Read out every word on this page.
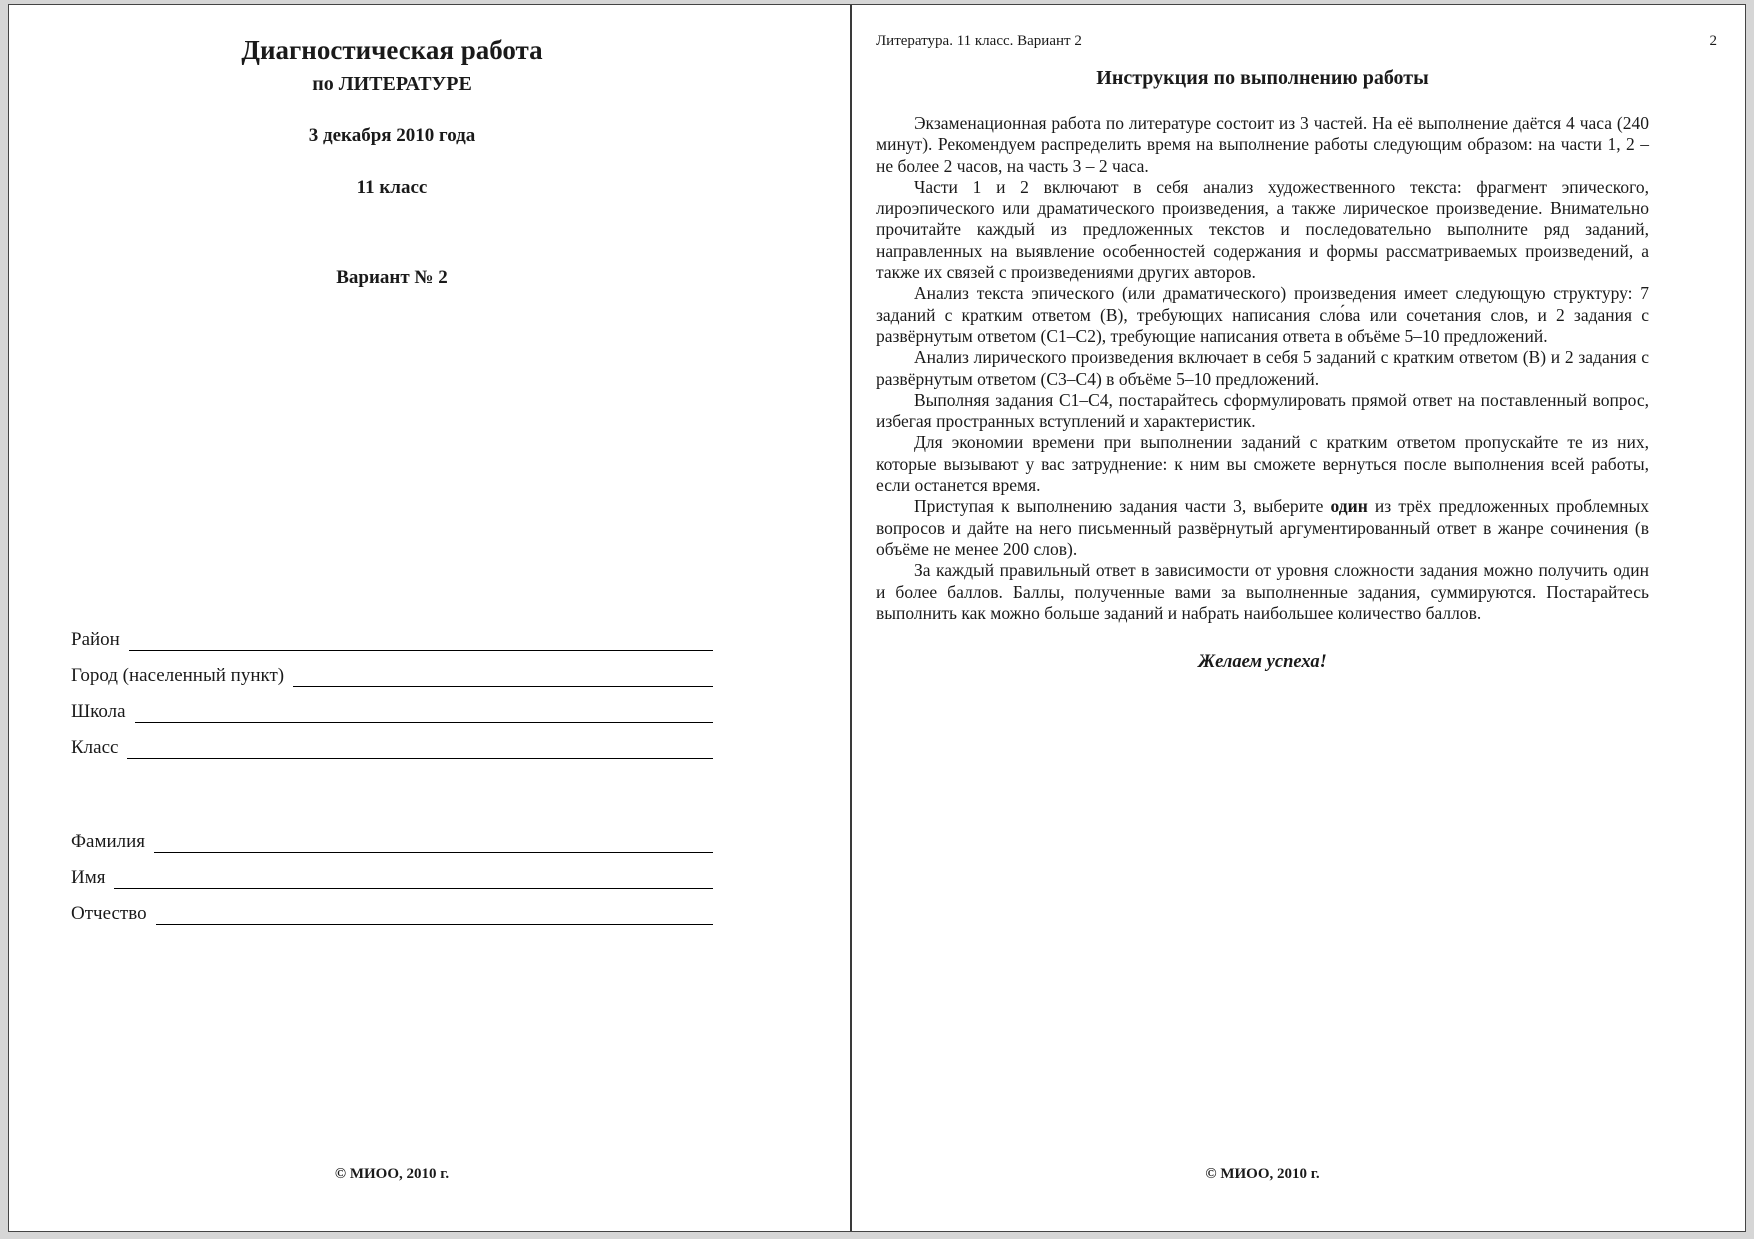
Диагностическая работа
по ЛИТЕРАТУРЕ
3 декабря 2010 года
11 класс
Вариант № 2
Район
Город (населенный пункт)
Школа
Класс
Фамилия
Имя
Отчество
© МИОО, 2010 г.
Литература. 11 класс. Вариант 2	2
Инструкция по выполнению работы

Экзаменационная работа по литературе состоит из 3 частей. На её выполнение даётся 4 часа (240 минут). Рекомендуем распределить время на выполнение работы следующим образом: на части 1, 2 – не более 2 часов, на часть 3 – 2 часа.

Части 1 и 2 включают в себя анализ художественного текста: фрагмент эпического, лироэпического или драматического произведения, а также лирическое произведение. Внимательно прочитайте каждый из предложенных текстов и последовательно выполните ряд заданий, направленных на выявление особенностей содержания и формы рассматриваемых произведений, а также их связей с произведениями других авторов.

Анализ текста эпического (или драматического) произведения имеет следующую структуру: 7 заданий с кратким ответом (В), требующих написания сло́ва или сочетания слов, и 2 задания с развёрнутым ответом (С1–С2), требующие написания ответа в объёме 5–10 предложений.

Анализ лирического произведения включает в себя 5 заданий с кратким ответом (В) и 2 задания с развёрнутым ответом (С3–С4) в объёме 5–10 предложений.

Выполняя задания С1–С4, постарайтесь сформулировать прямой ответ на поставленный вопрос, избегая пространных вступлений и характеристик.

Для экономии времени при выполнении заданий с кратким ответом пропускайте те из них, которые вызывают у вас затруднение: к ним вы сможете вернуться после выполнения всей работы, если останется время.

Приступая к выполнению задания части 3, выберите один из трёх предложенных проблемных вопросов и дайте на него письменный развёрнутый аргументированный ответ в жанре сочинения (в объёме не менее 200 слов).

За каждый правильный ответ в зависимости от уровня сложности задания можно получить один и более баллов. Баллы, полученные вами за выполненные задания, суммируются. Постарайтесь выполнить как можно больше заданий и набрать наибольшее количество баллов.

Желаем успеха!

© МИОО, 2010 г.
